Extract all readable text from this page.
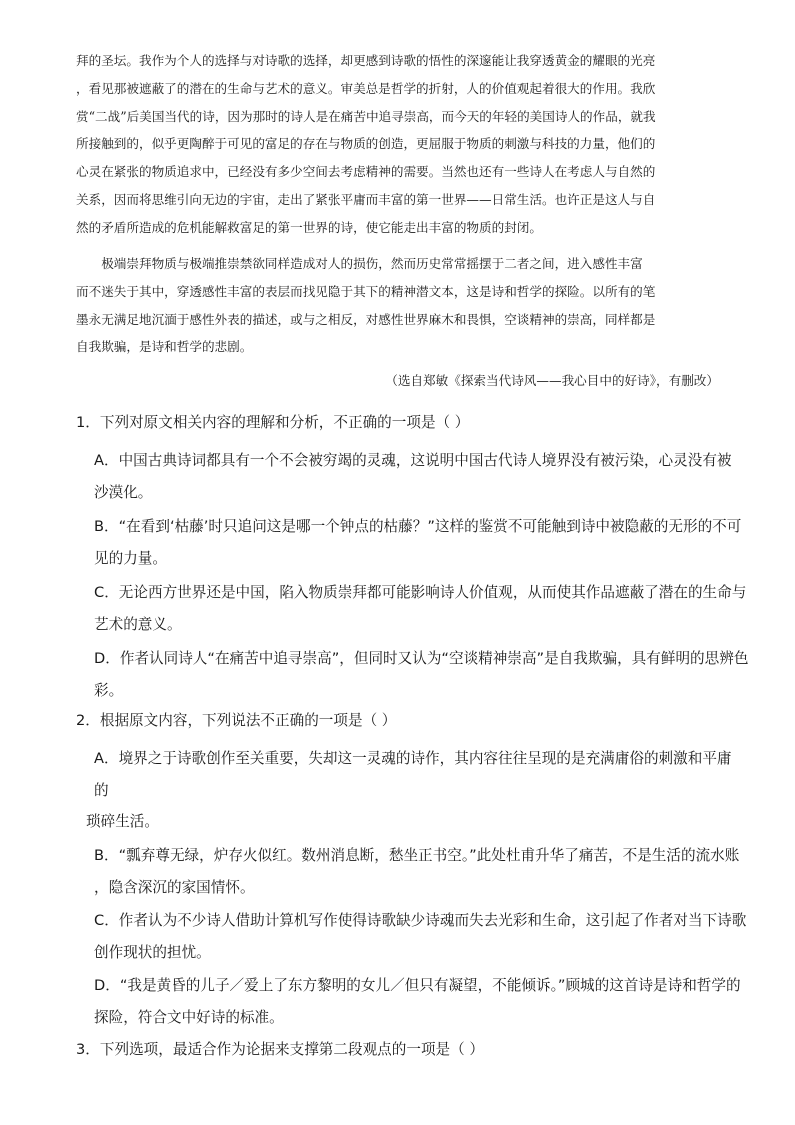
拜的圣坛。我作为个人的选择与对诗歌的选择，却更感到诗歌的悟性的深邃能让我穿透黄金的耀眼的光亮

，看见那被遮蔽了的潜在的生命与艺术的意义。审美总是哲学的折射，人的价值观起着很大的作用。我欣

赏“二战”后美国当代的诗，因为那时的诗人是在痛苦中追寻崇高，而今天的年轻的美国诗人的作品，就我

所接触到的，似乎更陶醉于可见的富足的存在与物质的创造，更屈服于物质的刺激与科技的力量，他们的

心灵在紧张的物质追求中，已经没有多少空间去考虑精神的需要。当然也还有一些诗人在考虑人与自然的

关系，因而将思维引向无边的宇宙，走出了紧张平庸而丰富的第一世界——日常生活。也许正是这人与自

然的矛盾所造成的危机能解救富足的第一世界的诗，使它能走出丰富的物质的封闭。

极端崇拜物质与极端推崇禁欲同样造成对人的损伤，然而历史常常摇摆于二者之间，进入感性丰富

而不迷失于其中，穿透感性丰富的表层而找见隐于其下的精神潜文本，这是诗和哲学的探险。以所有的笔

墨永无满足地沉湎于感性外表的描述，或与之相反，对感性世界麻木和畏惧，空谈精神的崇高，同样都是

自我欺骗，是诗和哲学的悲剧。

（选自郑敏《探索当代诗风——我心目中的好诗》，有删改）
1．下列对原文相关内容的理解和分析，不正确的一项是（ ）

A．中国古典诗词都具有一个不会被穷竭的灵魂，这说明中国古代诗人境界没有被污染，心灵没有被

沙漠化。

B．“在看到‘枯藤’时只追问这是哪一个钟点的枯藤？”这样的鉴赏不可能触到诗中被隐蔽的无形的不可

见的力量。

C．无论西方世界还是中国，陷入物质崇拜都可能影响诗人价值观，从而使其作品遮蔽了潜在的生命与

艺术的意义。

D．作者认同诗人“在痛苦中追寻崇高”，但同时又认为“空谈精神崇高”是自我欺骗，具有鲜明的思辨色

彩。

2．根据原文内容，下列说法不正确的一项是（ ）

A．境界之于诗歌创作至关重要，失却这一灵魂的诗作，其内容往往呈现的是充满庸俗的刺激和平庸

的

琐碎生活。

B．“瓢弃尊无绿，炉存火似红。数州消息断，愁坐正书空。”此处杜甫升华了痛苦，不是生活的流水账

，隐含深沉的家国情怀。

C．作者认为不少诗人借助计算机写作使得诗歌缺少诗魂而失去光彩和生命，这引起了作者对当下诗歌

创作现状的担忧。

D．“我是黄昏的儿子／爱上了东方黎明的女儿／但只有凝望，不能倾诉。”顾城的这首诗是诗和哲学的

探险，符合文中好诗的标准。

3．下列选项，最适合作为论据来支撑第二段观点的一项是（ ）
